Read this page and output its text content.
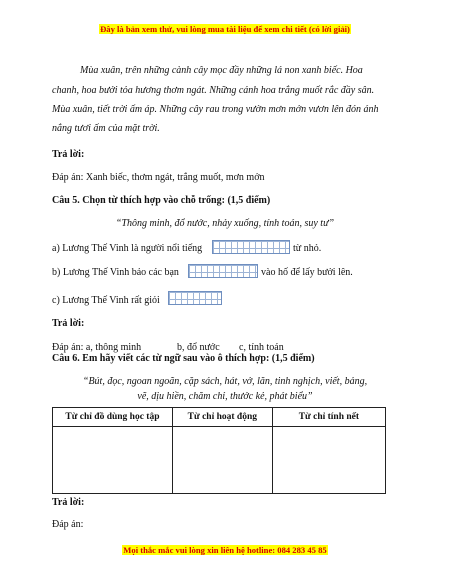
Đây là bản xem thử, vui lòng mua tài liệu để xem chi tiết (có lời giải)
Mùa xuân, trên những cành cây mọc đầy những lá non xanh biếc. Hoa
chanh, hoa bưởi tỏa hương thơm ngát. Những cánh hoa trắng muốt rắc đầy sân.
Mùa xuân, tiết trời ấm áp. Những cây rau trong vườn mơn mởn vươn lên đón ánh
nắng tươi ấm của mặt trời.
Trả lời:
Đáp án: Xanh biếc, thơm ngát, trắng muốt, mơn mởn
Câu 5. Chọn từ thích hợp vào chỗ trống: (1,5 điểm)
“Thông minh, đổ nước, nhảy xuống, tính toán, suy tư”
a) Lương Thế Vinh là người nổi tiếng	từ nhỏ.
b) Lương Thế Vinh bảo các bạn	vào hố để lấy bưởi lên.
c) Lương Thế Vinh rất giỏi
Trả lời:
Đáp án: a, thông minh	b, đổ nước c, tính toán
Câu 6. Em hãy viết các từ ngữ sau vào ô thích hợp: (1,5 điểm)
“Bút, đọc, ngoan ngoãn, cặp sách, hát, vở, lăn, tinh nghịch, viết, bảng,
vẽ, dịu hiền, chăm chỉ, thước kẻ, phát biểu”
Từ chỉ đồ dùng học tập	Từ chỉ hoạt động	Từ chỉ tính nết

Trả lời:
Đáp án:
Mọi thắc mắc vui lòng xin liên hệ hotline: 084 283 45 85
